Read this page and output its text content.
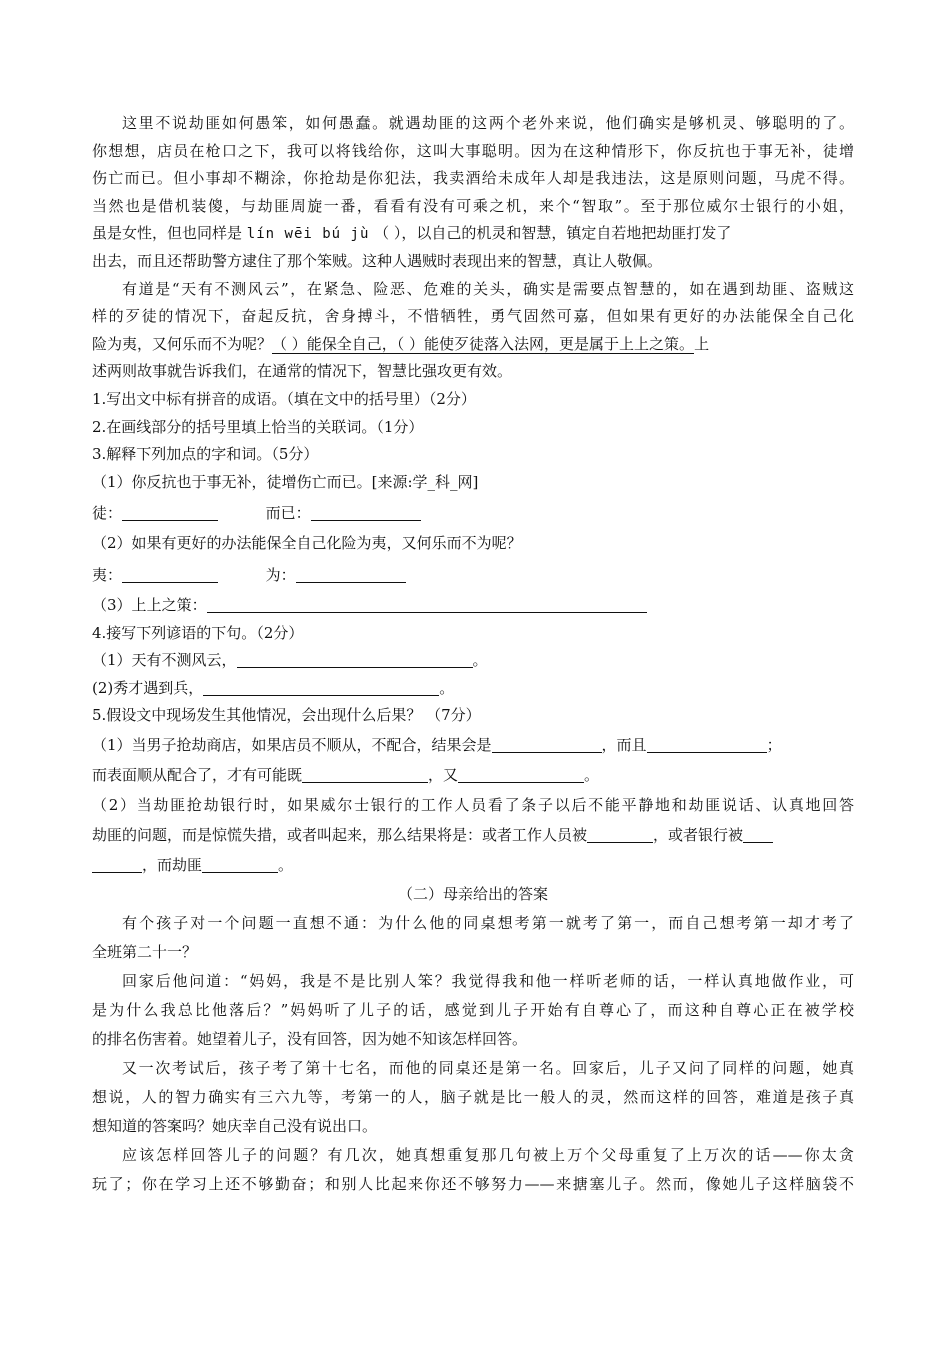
这里不说劫匪如何愚笨，如何愚蠢。就遇劫匪的这两个老外来说，他们确实是够机灵、够聪明的了。
你想想，店员在枪口之下，我可以将钱给你，这叫大事聪明。因为在这种情形下，你反抗也于事无补，徒增
伤亡而已。但小事却不糊涂，你抢劫是你犯法，我卖酒给未成年人却是我违法，这是原则问题，马虎不得。
当然也是借机装傻，与劫匪周旋一番，看看有没有可乘之机，来个“智取”。至于那位威尔士银行的小姐，
虽是女性，但也同样是 lín wēi bú jù （ ），以自己的机灵和智慧，镇定自若地把劫匪打发了
出去，而且还帮助警方逮住了那个笨贼。这种人遇贼时表现出来的智慧，真让人敬佩。
有道是“天有不测风云”，在紧急、险恶、危难的关头，确实是需要点智慧的，如在遇到劫匪、盗贼这
样的歹徒的情况下，奋起反抗，舍身搏斗，不惜牺牲，勇气固然可嘉，但如果有更好的办法能保全自己化
险为夷，又何乐而不为呢？（ ）能保全自己，（ ）能使歹徒落入法网，更是属于上上之策。上
述两则故事就告诉我们，在通常的情况下，智慧比强攻更有效。
1.写出文中标有拼音的成语。（填在文中的括号里）（2分）
2.在画线部分的括号里填上恰当的关联词。（1分）
3.解释下列加点的字和词。（5分）
（1）你反抗也于事无补，徒增伤亡而已。[来源:学_科_网]
徒：	而已：
（2）如果有更好的办法能保全自己化险为夷，又何乐而不为呢？
夷：	为：
（3）上上之策：
4.接写下列谚语的下句。（2分）
（1）天有不测风云，	。
(2)秀才遇到兵，	。
5.假设文中现场发生其他情况，会出现什么后果？ （7分）
（1）当男子抢劫商店，如果店员不顺从，不配合，结果会是	，而且	；
而表面顺从配合了，才有可能既	，又	。
（2）当劫匪抢劫银行时，如果威尔士银行的工作人员看了条子以后不能平静地和劫匪说话、认真地回答
劫匪的问题，而是惊慌失措，或者叫起来，那么结果将是：或者工作人员被	，或者银行被
，而劫匪	。
（二）母亲给出的答案
有个孩子对一个问题一直想不通：为什么他的同桌想考第一就考了第一，而自己想考第一却才考了
全班第二十一？
回家后他问道：“妈妈，我是不是比别人笨？我觉得我和他一样听老师的话，一样认真地做作业，可
是为什么我总比他落后？”妈妈听了儿子的话，感觉到儿子开始有自尊心了，而这种自尊心正在被学校
的排名伤害着。她望着儿子，没有回答，因为她不知该怎样回答。
又一次考试后，孩子考了第十七名，而他的同桌还是第一名。回家后，儿子又问了同样的问题，她真
想说，人的智力确实有三六九等，考第一的人，脑子就是比一般人的灵，然而这样的回答，难道是孩子真
想知道的答案吗？她庆幸自己没有说出口。
应该怎样回答儿子的问题？有几次，她真想重复那几句被上万个父母重复了上万次的话——你太贪
玩了；你在学习上还不够勤奋；和别人比起来你还不够努力——来搪塞儿子。然而，像她儿子这样脑袋不
